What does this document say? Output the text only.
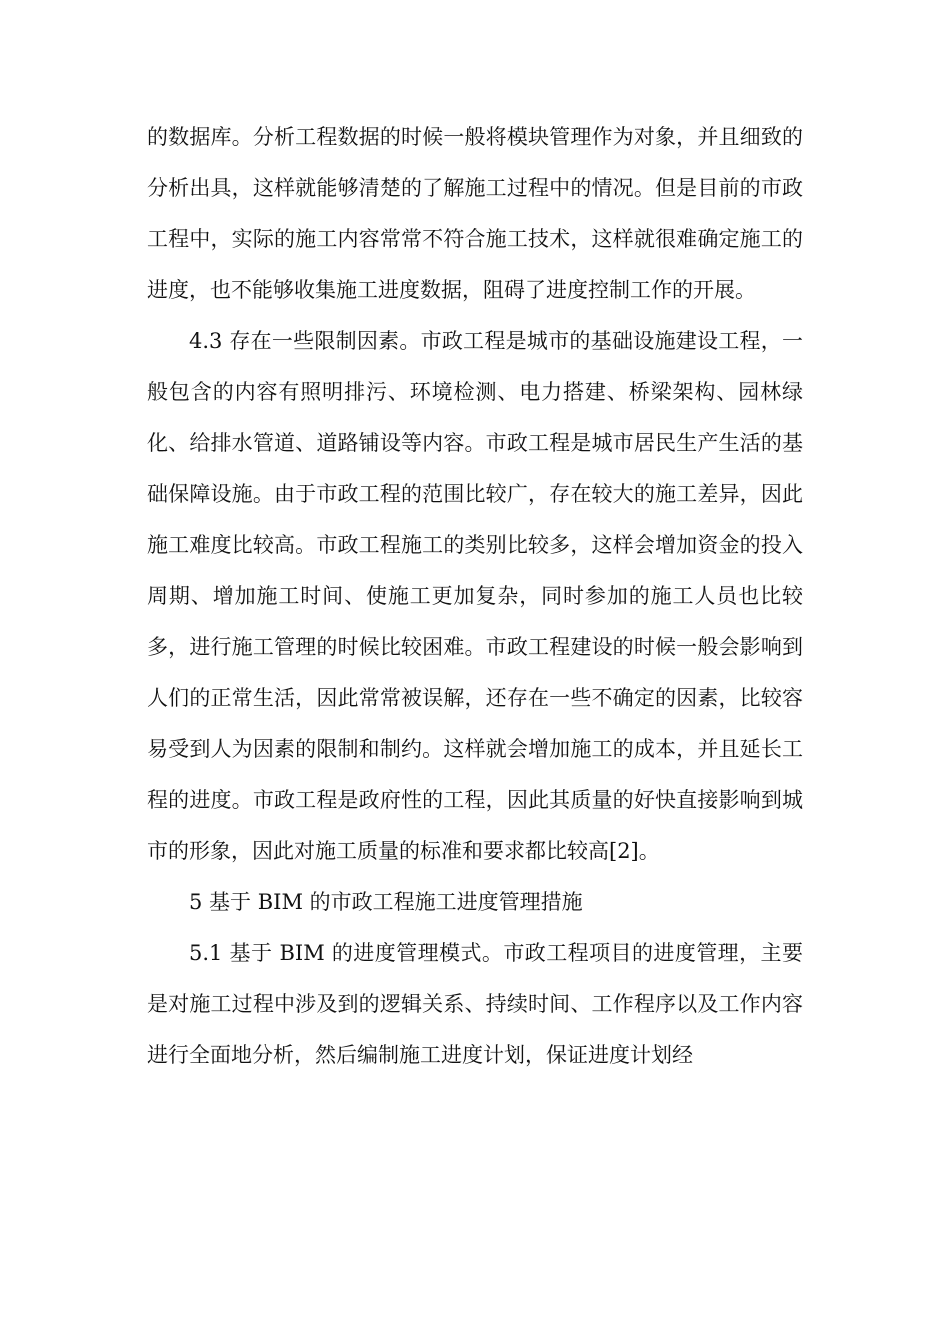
的数据库。分析工程数据的时候一般将模块管理作为对象，并且细致的分析出具，这样就能够清楚的了解施工过程中的情况。但是目前的市政工程中，实际的施工内容常常不符合施工技术，这样就很难确定施工的进度，也不能够收集施工进度数据，阻碍了进度控制工作的开展。

4.3 存在一些限制因素。市政工程是城市的基础设施建设工程，一般包含的内容有照明排污、环境检测、电力搭建、桥梁架构、园林绿化、给排水管道、道路铺设等内容。市政工程是城市居民生产生活的基础保障设施。由于市政工程的范围比较广，存在较大的施工差异，因此施工难度比较高。市政工程施工的类别比较多，这样会增加资金的投入周期、增加施工时间、使施工更加复杂，同时参加的施工人员也比较多，进行施工管理的时候比较困难。市政工程建设的时候一般会影响到人们的正常生活，因此常常被误解，还存在一些不确定的因素，比较容易受到人为因素的限制和制约。这样就会增加施工的成本，并且延长工程的进度。市政工程是政府性的工程，因此其质量的好快直接影响到城市的形象，因此对施工质量的标准和要求都比较高[2]。

5 基于 BIM 的市政工程施工进度管理措施

5.1 基于 BIM 的进度管理模式。市政工程项目的进度管理，主要是对施工过程中涉及到的逻辑关系、持续时间、工作程序以及工作内容进行全面地分析，然后编制施工进度计划，保证进度计划经
